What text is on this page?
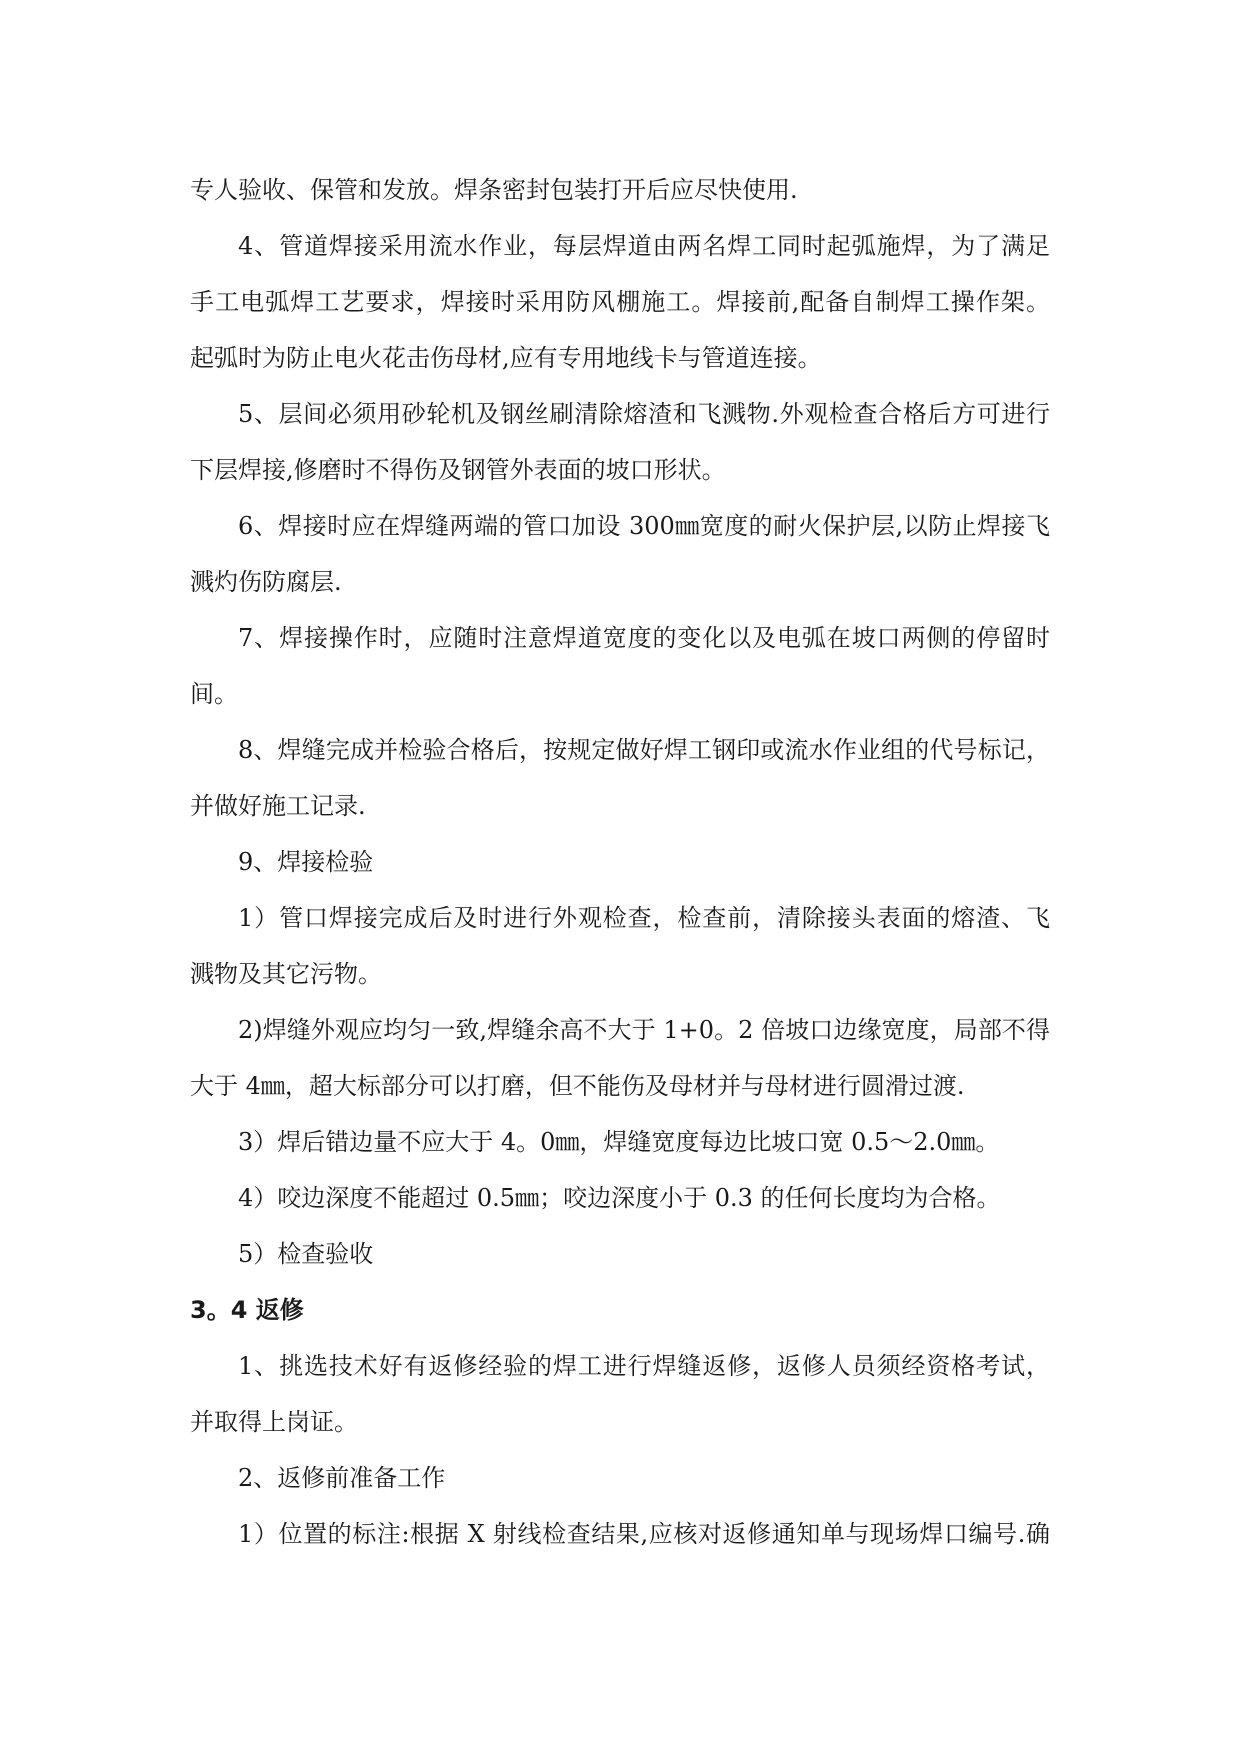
专人验收、保管和发放。焊条密封包装打开后应尽快使用.
4、管道焊接采用流水作业，每层焊道由两名焊工同时起弧施焊，为了满足
手工电弧焊工艺要求，焊接时采用防风棚施工。焊接前,配备自制焊工操作架。
起弧时为防止电火花击伤母材,应有专用地线卡与管道连接。
5、层间必须用砂轮机及钢丝刷清除熔渣和飞溅物.外观检查合格后方可进行
下层焊接,修磨时不得伤及钢管外表面的坡口形状。
6、焊接时应在焊缝两端的管口加设 300㎜宽度的耐火保护层,以防止焊接飞
溅灼伤防腐层.
7、焊接操作时，应随时注意焊道宽度的变化以及电弧在坡口两侧的停留时
间。
8、焊缝完成并检验合格后，按规定做好焊工钢印或流水作业组的代号标记，
并做好施工记录.
9、焊接检验
1）管口焊接完成后及时进行外观检查，检查前，清除接头表面的熔渣、飞
溅物及其它污物。
2)焊缝外观应均匀一致,焊缝余高不大于 1+0。2 倍坡口边缘宽度，局部不得
大于 4㎜，超大标部分可以打磨，但不能伤及母材并与母材进行圆滑过渡.
3）焊后错边量不应大于 4。0㎜，焊缝宽度每边比坡口宽 0.5～2.0㎜。
4）咬边深度不能超过 0.5㎜；咬边深度小于 0.3 的任何长度均为合格。
5）检查验收
3。4 返修
1、挑选技术好有返修经验的焊工进行焊缝返修，返修人员须经资格考试，
并取得上岗证。
2、返修前准备工作
1）位置的标注:根据 X 射线检查结果,应核对返修通知单与现场焊口编号.确
